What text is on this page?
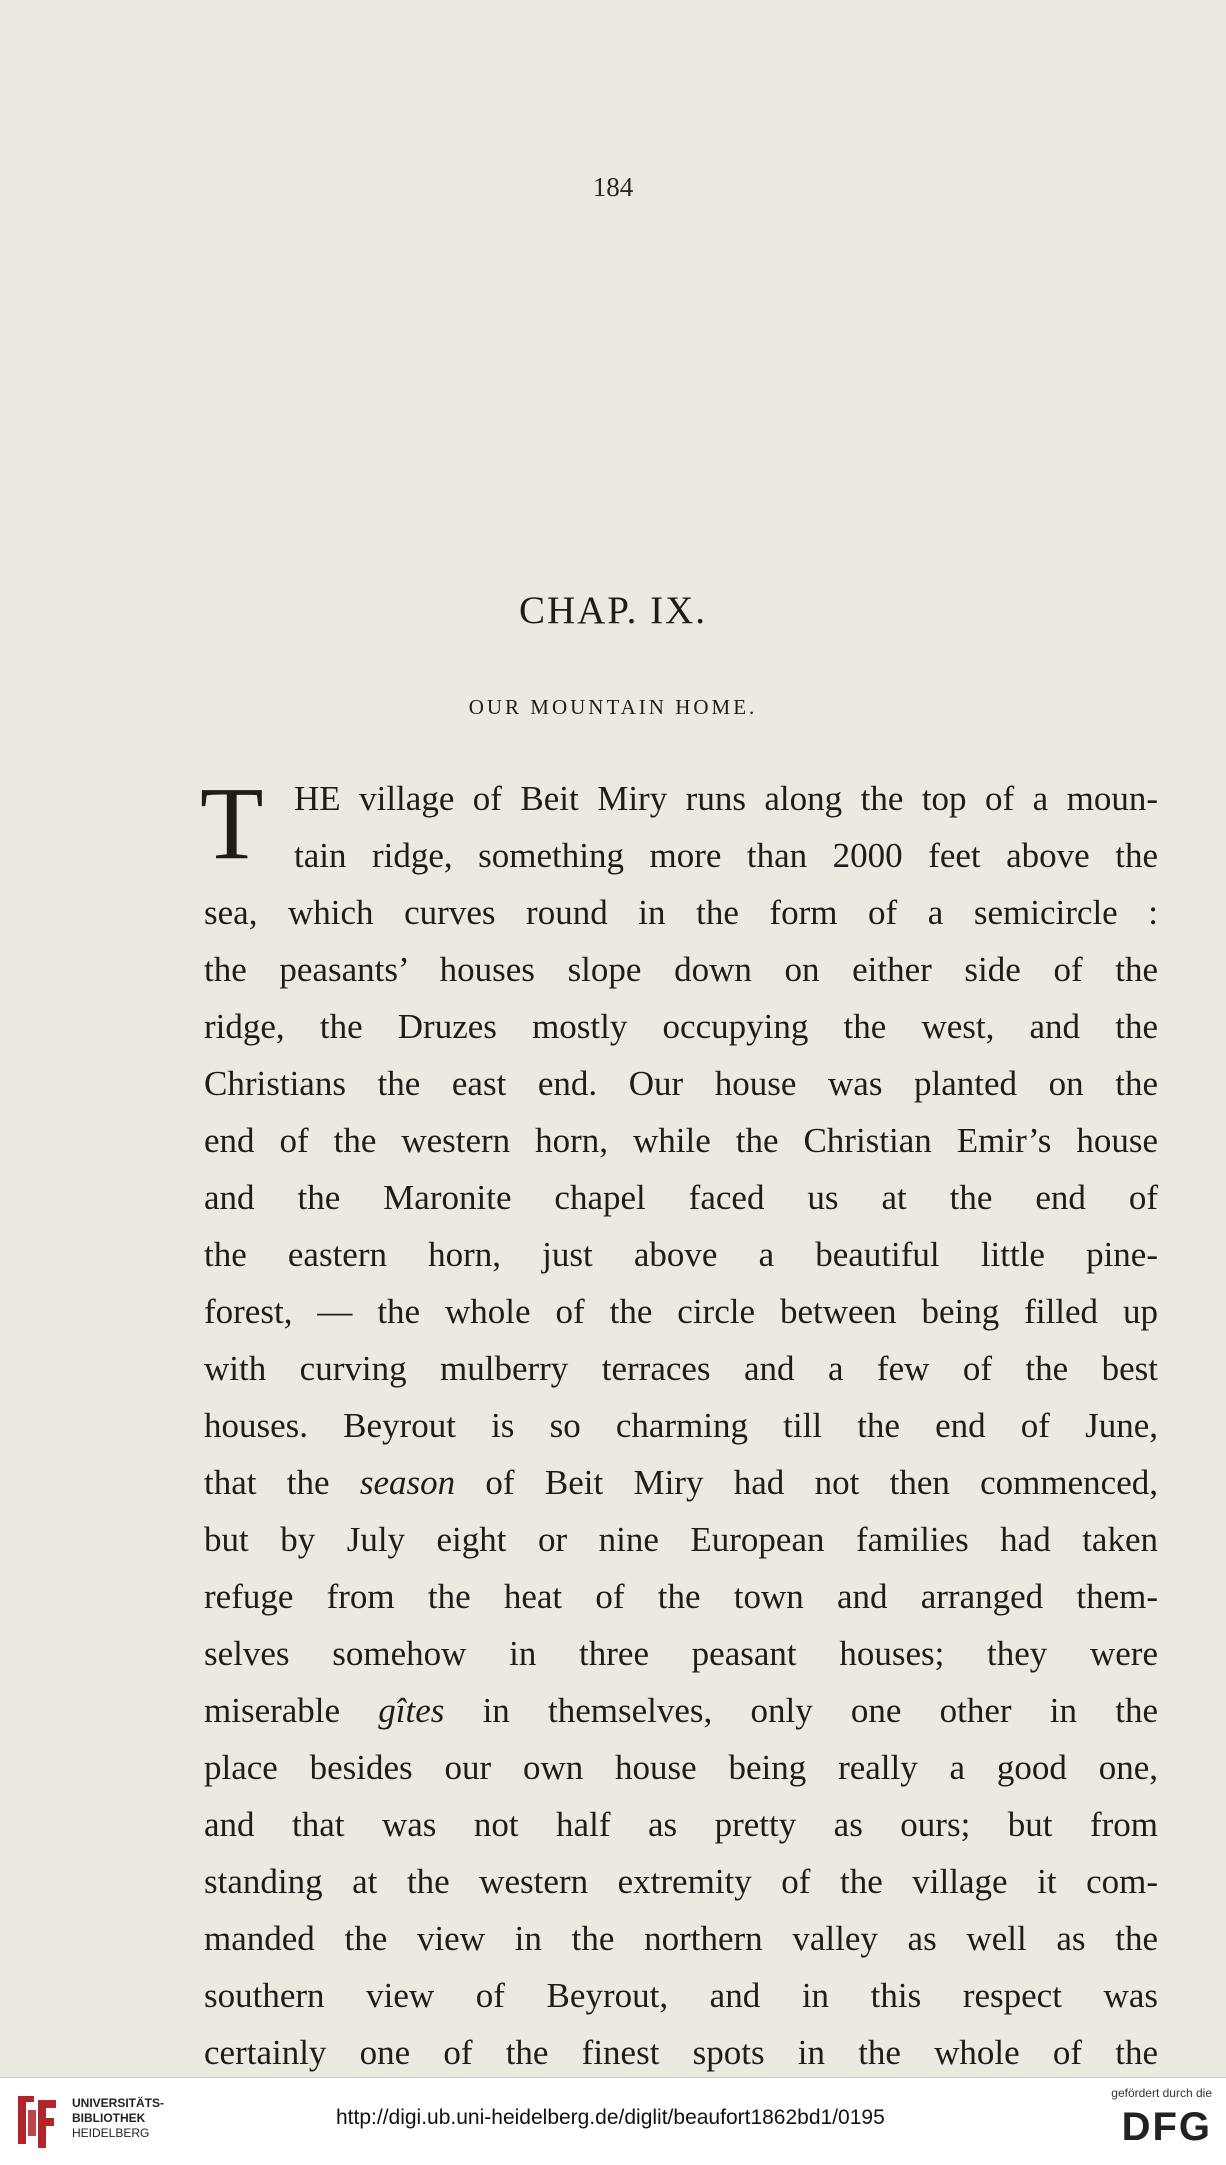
184
CHAP. IX.
OUR MOUNTAIN HOME.
T HE village of Beit Miry runs along the top of a moun-
tain ridge, something more than 2000 feet above the
sea, which curves round in the form of a semicircle :
the peasants’ houses slope down on either side of the
ridge, the Druzes mostly occupying the west, and the
Christians the east end. Our house was planted on the
end of the western horn, while the Christian Emir’s house
and the Maronite chapel faced us at the end of
the eastern horn, just above a beautiful little pine-
forest, — the whole of the circle between being filled up
with curving mulberry terraces and a few of the best
houses. Beyrout is so charming till the end of June,
that the season of Beit Miry had not then commenced,
but by July eight or nine European families had taken
refuge from the heat of the town and arranged them-
selves somehow in three peasant houses; they were
miserable gîtes in themselves, only one other in the
place besides our own house being really a good one,
and that was not half as pretty as ours; but from
standing at the western extremity of the village it com-
manded the view in the northern valley as well as the
southern view of Beyrout, and in this respect was
certainly one of the finest spots in the whole of the
UNIVERSITÄTS-
BIBLIOTHEK
HEIDELBERG
http://digi.ub.uni-heidelberg.de/diglit/beaufort1862bd1/0195
gefördert durch die
DFG
